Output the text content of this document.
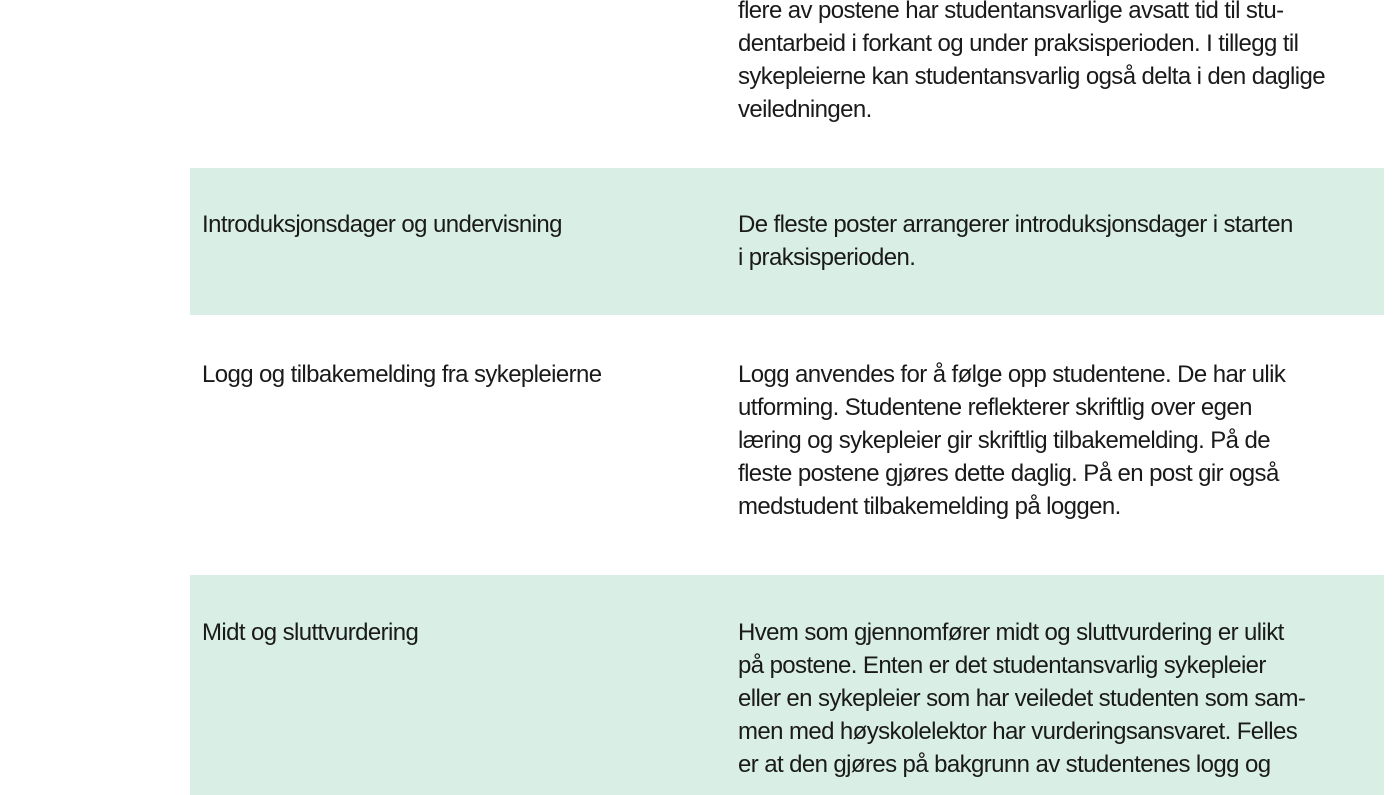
flere av postene har studentansvarlige avsatt tid til stu-
dentarbeid i forkant og under praksisperioden. I tillegg til
sykepleierne kan studentansvarlig også delta i den daglige
veiledningen.
Introduksjonsdager og undervisning	De fleste poster arrangerer introduksjonsdager i starten
i praksisperioden.
Logg og tilbakemelding fra sykepleierne	Logg anvendes for å følge opp studentene. De har ulik
utforming. Studentene reflekterer skriftlig over egen
læring og sykepleier gir skriftlig tilbakemelding. På de
fleste postene gjøres dette daglig. På en post gir også
medstudent tilbakemelding på loggen.
Midt og sluttvurdering	Hvem som gjennomfører midt og sluttvurdering er ulikt
på postene. Enten er det studentansvarlig sykepleier
eller en sykepleier som har veiledet studenten som sam-
men med høyskolelektor har vurderingsansvaret. Felles
er at den gjøres på bakgrunn av studentenes logg og
